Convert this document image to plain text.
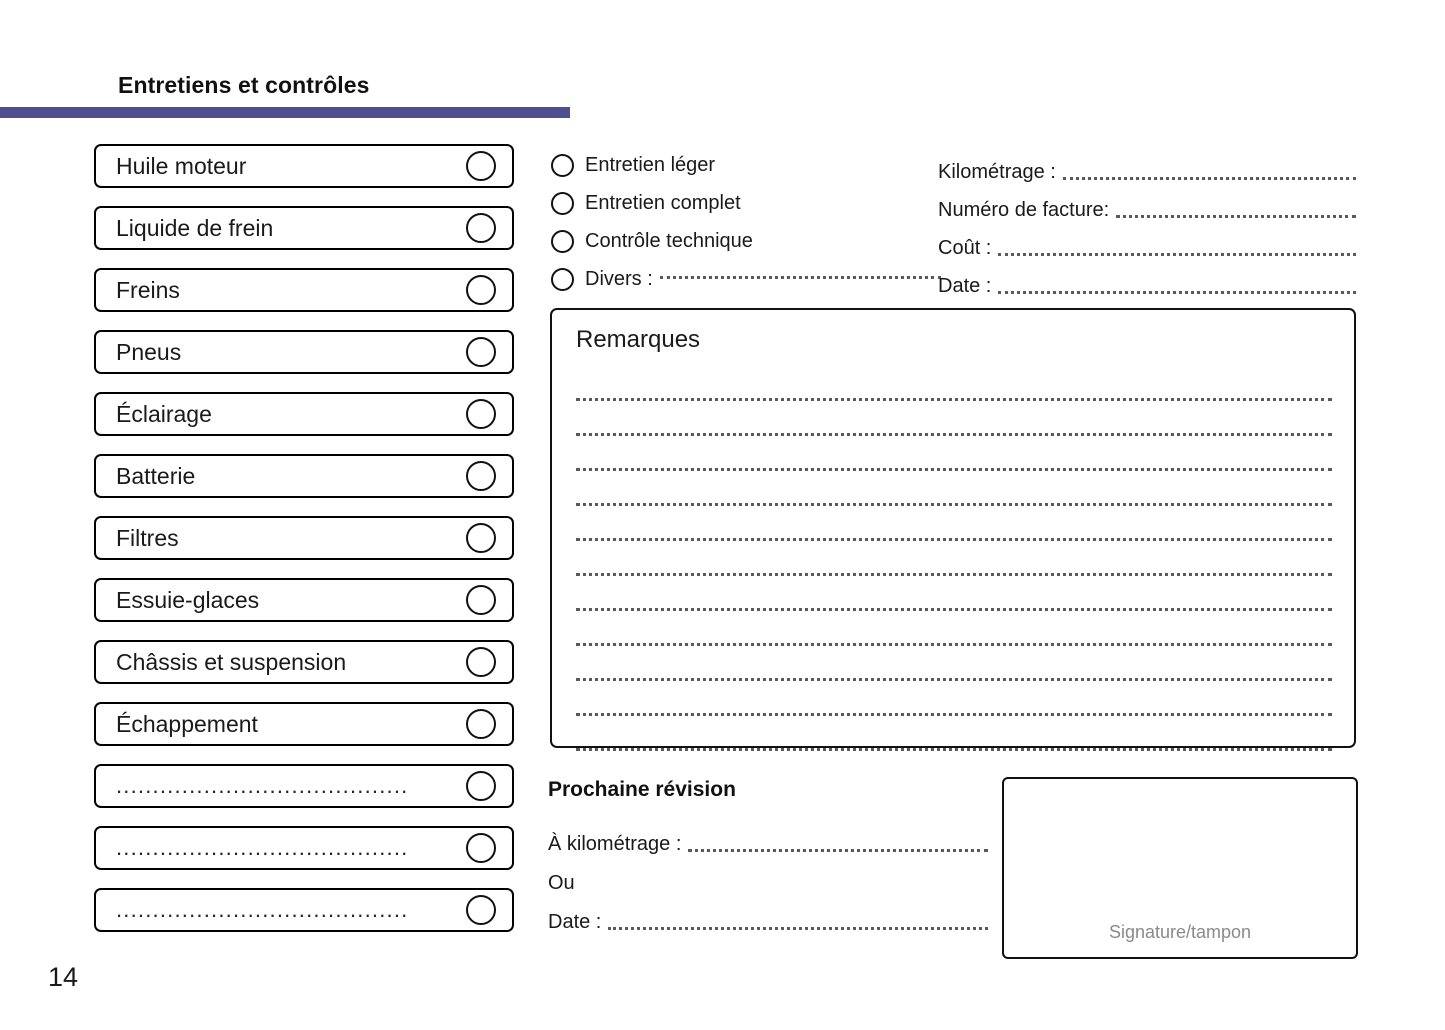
Entretiens et contrôles
Huile moteur
Liquide de frein
Freins
Pneus
Éclairage
Batterie
Filtres
Essuie-glaces
Châssis et suspension
Échappement
........................................
........................................
........................................
Entretien léger
Entretien complet
Contrôle technique
Divers :
Kilométrage :
Numéro de facture:
Coût :
Date :
Remarques
Prochaine révision
À kilométrage :
Ou
Date :	Signature/tampon
14
